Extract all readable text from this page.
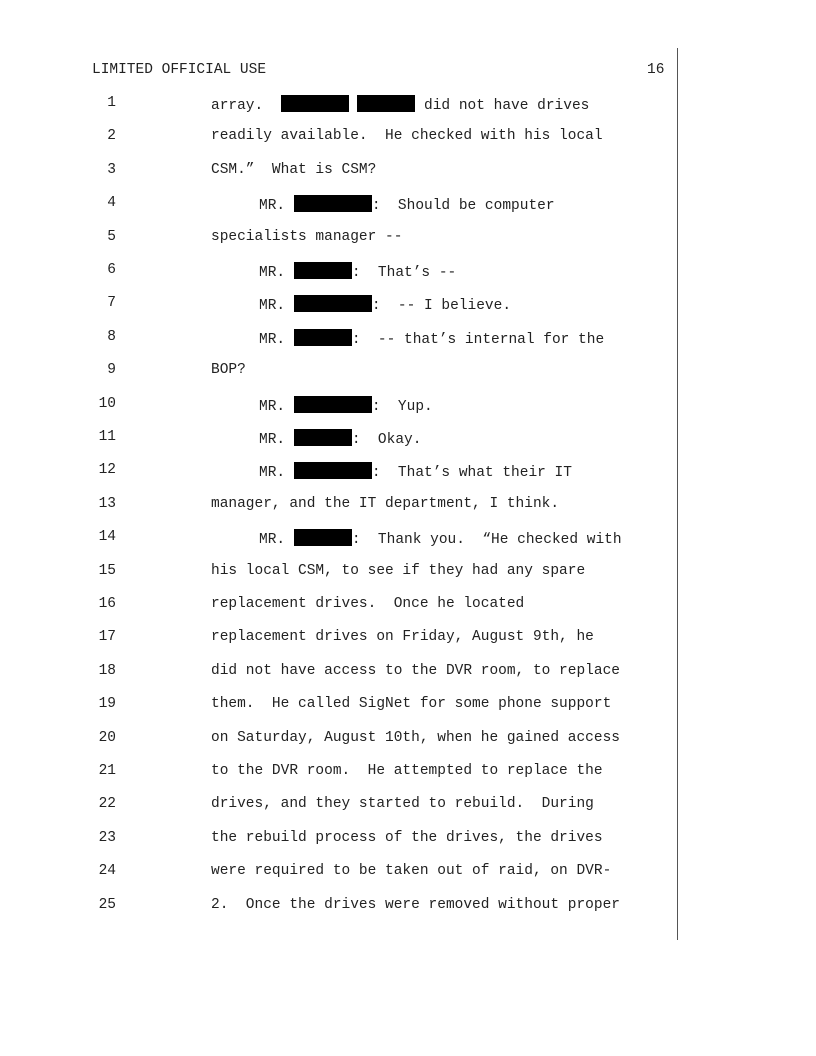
LIMITED OFFICIAL USE	16
1	array.	did not have drives
2	readily available.  He checked with his local
3	CSM.”  What is CSM?
4	MR.	:  Should be computer
5	specialists manager --
6	MR.	:  That’s --
7	MR.	:  -- I believe.
8	MR.	:  -- that’s internal for the
9	BOP?
10	MR.	:  Yup.
11	MR.	:  Okay.
12	MR.	:  That’s what their IT
13	manager, and the IT department, I think.
14	MR.	:  Thank you.  “He checked with
15	his local CSM, to see if they had any spare
16	replacement drives.  Once he located
17	replacement drives on Friday, August 9th, he
18	did not have access to the DVR room, to replace
19	them.  He called SigNet for some phone support
20	on Saturday, August 10th, when he gained access
21	to the DVR room.  He attempted to replace the
22	drives, and they started to rebuild.  During
23	the rebuild process of the drives, the drives
24	were required to be taken out of raid, on DVR-
25	2.  Once the drives were removed without proper
